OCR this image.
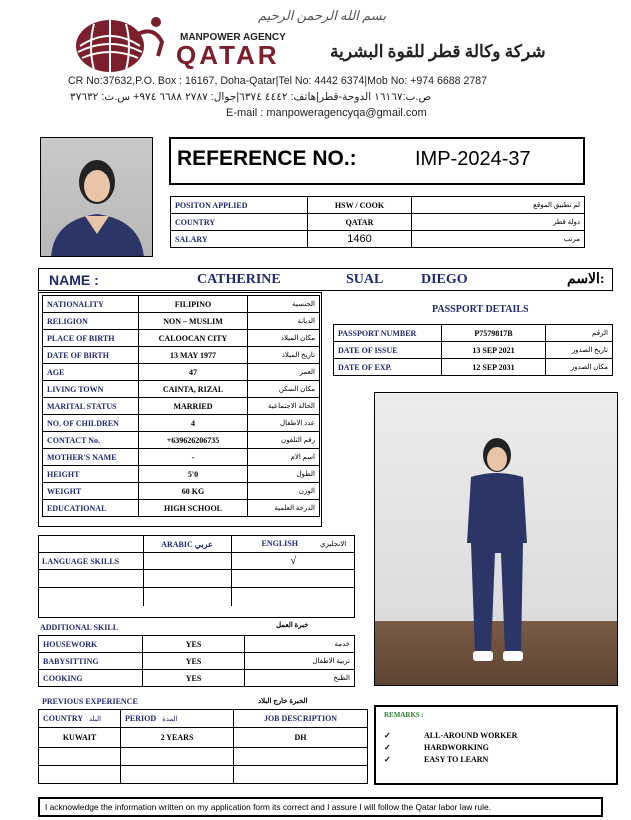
بسم الله الرحمن الرحيم
MANPOWER AGENCY
QATAR	شركة وكالة قطر للقوة البشرية
CR No:37632,P.O. Box : 16167, Doha-Qatar|Tel No: 4442 6374|Mob No: +974 6688 2787
ص.ب:١٦١٦٧ الدوحة-قطر|هاتف: ٤٤٤٢ ٦٣٧٤|جوال: ٢٧٨٧ ٦٦٨٨ ٩٧٤+ س.ت: ٣٧٦٣٢
E-mail : manpoweragencyqa@gmail.com
REFERENCE NO.:	IMP-2024-37
POSITON APPLIED	HSW / COOK	لم تطبيق الموقع
COUNTRY	QATAR	دولة قطر
SALARY	1460	مرتب
NAME :	CATHERINE	SUAL	DIEGO	الاسم:
NATIONALITY	FILIPINO	الجنسية
RELIGION	NON – MUSLIM	الديانة
PLACE OF BIRTH	CALOOCAN CITY	مكان الميلاد
DATE OF BIRTH	13 MAY 1977	تاريخ الميلاد
AGE	47	العمر
LIVING TOWN	CAINTA, RIZAL	مكان السكن
MARITAL STATUS	MARRIED	الحالة الاجتماعية
NO. OF CHILDREN	4	عدد الاطفال
CONTACT No.	+639626206735	رقم التلفون
MOTHER'S NAME	-	اسم الام
HEIGHT	5'0	الطول
WEIGHT	60 KG	الوزن
EDUCATIONAL	HIGH SCHOOL	الدرجة العلمية
PASSPORT DETAILS
PASSPORT NUMBER	P7579817B	الرقم
DATE OF ISSUE	13 SEP 2021	تاريخ الصدور
DATE OF EXP.	12 SEP 2031	مكان الصدور
	ARABIC عربي	ENGLISH الانجليزي
LANGUAGE SKILLS		√

ADDITIONAL SKILL	خبرة العمل
HOUSEWORK	YES	خدمة
BABYSITTING	YES	تربية الاطفال
COOKING	YES	الطبخ
PREVIOUS EXPERIENCE	الخبرة خارج البلاد
COUNTRY البلد	PERIOD المدة	JOB DESCRIPTION
KUWAIT	2 YEARS	DH

REMARKS :
✓	ALL-AROUND WORKER
✓	HARDWORKING
✓	EASY TO LEARN
I acknowledge the information written on my application form its correct and I assure I will follow the Qatar labor law rule.
